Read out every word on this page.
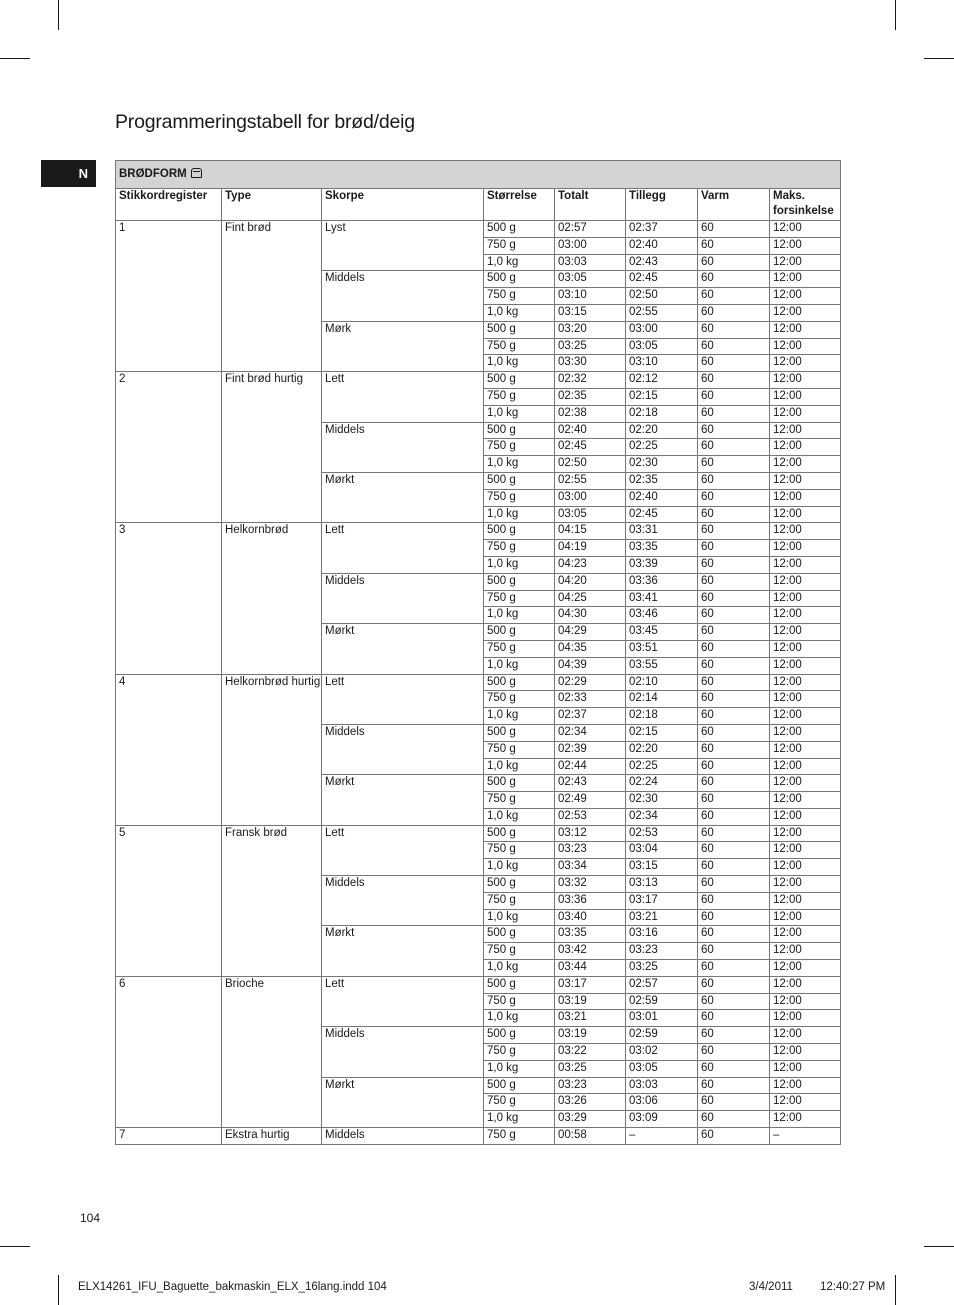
Programmeringstabell for brød/deig
N	BRØDFORM							
Stikkordregister	Type	Skorpe	Størrelse	Totalt	Tillegg	Varm	Maks. forsinkelse
1	Fint brød	Lyst	500 g	02:57	02:37	60	12:00
			750 g	03:00	02:40	60	12:00
			1,0 kg	03:03	02:43	60	12:00
		Middels	500 g	03:05	02:45	60	12:00
			750 g	03:10	02:50	60	12:00
			1,0 kg	03:15	02:55	60	12:00
		Mørk	500 g	03:20	03:00	60	12:00
			750 g	03:25	03:05	60	12:00
			1,0 kg	03:30	03:10	60	12:00
2	Fint brød hurtig	Lett	500 g	02:32	02:12	60	12:00
			750 g	02:35	02:15	60	12:00
			1,0 kg	02:38	02:18	60	12:00
		Middels	500 g	02:40	02:20	60	12:00
			750 g	02:45	02:25	60	12:00
			1,0 kg	02:50	02:30	60	12:00
		Mørkt	500 g	02:55	02:35	60	12:00
			750 g	03:00	02:40	60	12:00
			1,0 kg	03:05	02:45	60	12:00
3	Helkornbrød	Lett	500 g	04:15	03:31	60	12:00
			750 g	04:19	03:35	60	12:00
			1,0 kg	04:23	03:39	60	12:00
		Middels	500 g	04:20	03:36	60	12:00
			750 g	04:25	03:41	60	12:00
			1,0 kg	04:30	03:46	60	12:00
		Mørkt	500 g	04:29	03:45	60	12:00
			750 g	04:35	03:51	60	12:00
			1,0 kg	04:39	03:55	60	12:00
4	Helkornbrød hurtig	Lett	500 g	02:29	02:10	60	12:00
			750 g	02:33	02:14	60	12:00
			1,0 kg	02:37	02:18	60	12:00
		Middels	500 g	02:34	02:15	60	12:00
			750 g	02:39	02:20	60	12:00
			1,0 kg	02:44	02:25	60	12:00
		Mørkt	500 g	02:43	02:24	60	12:00
			750 g	02:49	02:30	60	12:00
			1,0 kg	02:53	02:34	60	12:00
5	Fransk brød	Lett	500 g	03:12	02:53	60	12:00
			750 g	03:23	03:04	60	12:00
			1,0 kg	03:34	03:15	60	12:00
		Middels	500 g	03:32	03:13	60	12:00
			750 g	03:36	03:17	60	12:00
			1,0 kg	03:40	03:21	60	12:00
		Mørkt	500 g	03:35	03:16	60	12:00
			750 g	03:42	03:23	60	12:00
			1,0 kg	03:44	03:25	60	12:00
6	Brioche	Lett	500 g	03:17	02:57	60	12:00
			750 g	03:19	02:59	60	12:00
			1,0 kg	03:21	03:01	60	12:00
		Middels	500 g	03:19	02:59	60	12:00
			750 g	03:22	03:02	60	12:00
			1,0 kg	03:25	03:05	60	12:00
		Mørkt	500 g	03:23	03:03	60	12:00
			750 g	03:26	03:06	60	12:00
			1,0 kg	03:29	03:09	60	12:00
7	Ekstra hurtig	Middels	750 g	00:58	–	60	–
104
ELX14261_IFU_Baguette_bakmaskin_ELX_16lang.indd 104	3/4/2011 12:40:27 PM
